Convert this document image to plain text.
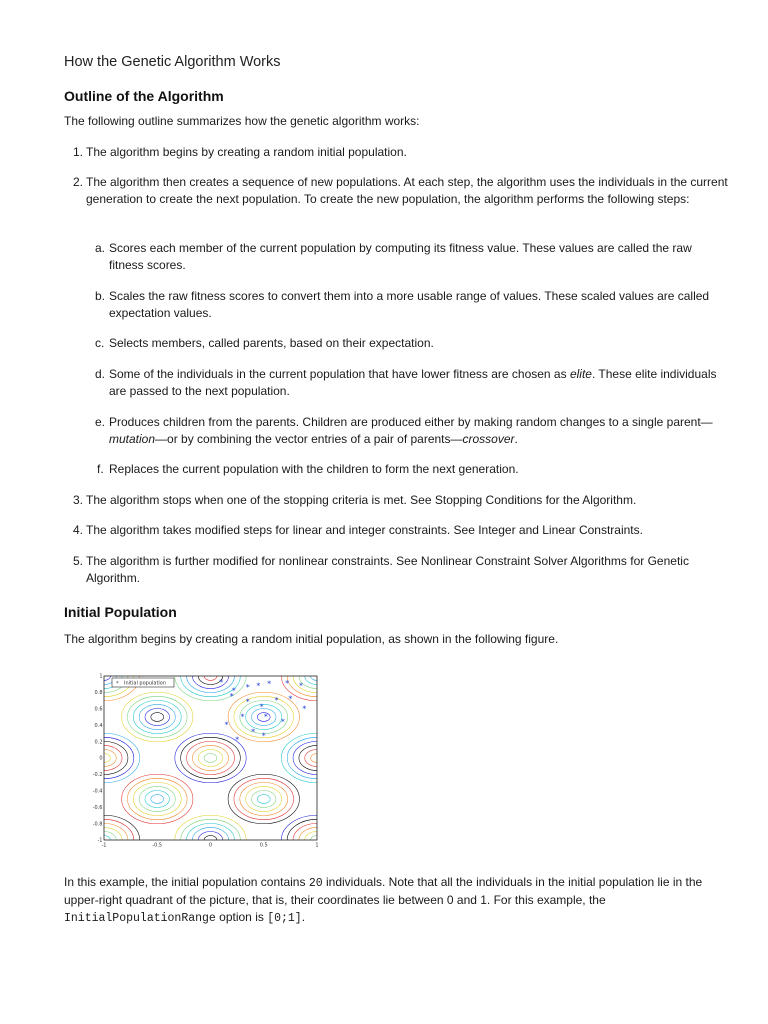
How the Genetic Algorithm Works
Outline of the Algorithm
The following outline summarizes how the genetic algorithm works:
1. The algorithm begins by creating a random initial population.
2. The algorithm then creates a sequence of new populations. At each step, the algorithm uses the individuals in the current generation to create the next population. To create the new population, the algorithm performs the following steps:
a. Scores each member of the current population by computing its fitness value. These values are called the raw fitness scores.
b. Scales the raw fitness scores to convert them into a more usable range of values. These scaled values are called expectation values.
c. Selects members, called parents, based on their expectation.
d. Some of the individuals in the current population that have lower fitness are chosen as elite. These elite individuals are passed to the next population.
e. Produces children from the parents. Children are produced either by making random changes to a single parent—mutation—or by combining the vector entries of a pair of parents—crossover.
f. Replaces the current population with the children to form the next generation.
3. The algorithm stops when one of the stopping criteria is met. See Stopping Conditions for the Algorithm.
4. The algorithm takes modified steps for linear and integer constraints. See Integer and Linear Constraints.
5. The algorithm is further modified for nonlinear constraints. See Nonlinear Constraint Solver Algorithms for Genetic Algorithm.
Initial Population
The algorithm begins by creating a random initial population, as shown in the following figure.
1
0.8
0.6
0.4
0.2
0
-0.2
-0.4
-0.6
-0.8
-1
-1	-0.5	0	0.5	1
*
* * * * * *
*
*
*
* *
*
* *
*
*
*
*	*
* Initial population
In this example, the initial population contains 20 individuals. Note that all the individuals in the initial population lie in the upper-right quadrant of the picture, that is, their coordinates lie between 0 and 1. For this example, the InitialPopulationRange option is [0;1].
